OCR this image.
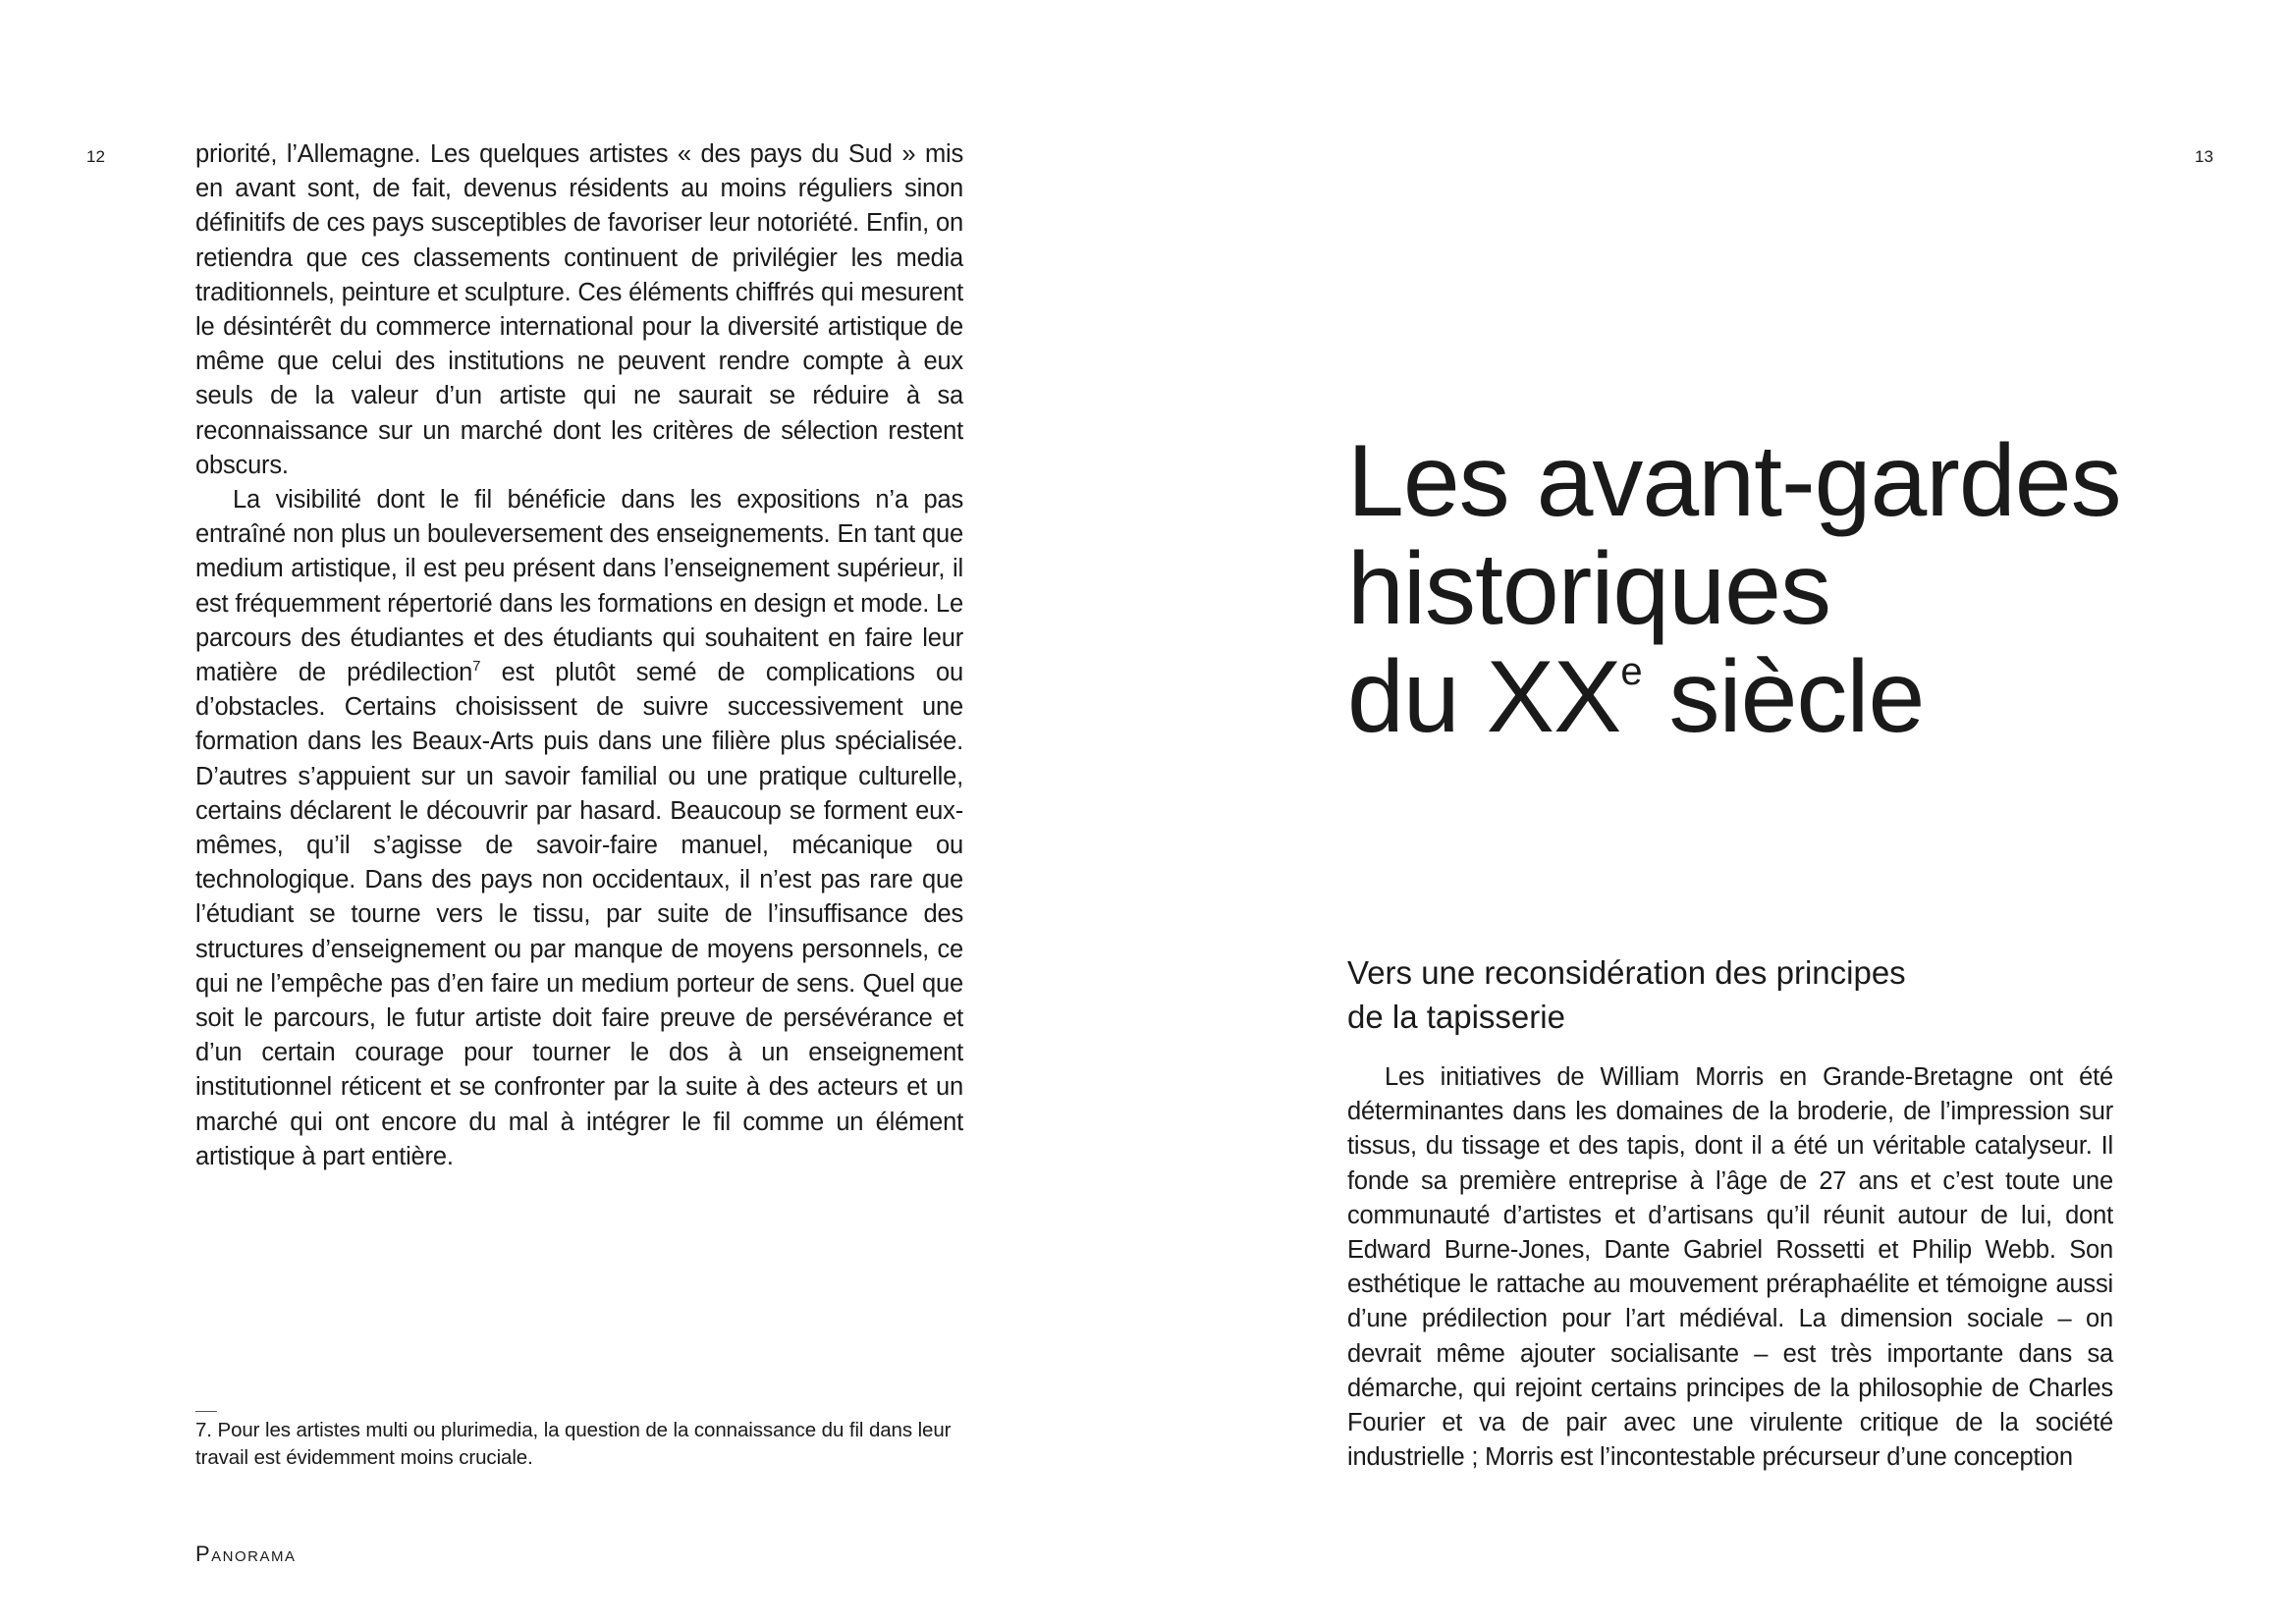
12	13

priorité, l’Allemagne. Les quelques artistes « des pays du Sud » mis en avant sont, de fait, devenus résidents au moins réguliers sinon définitifs de ces pays susceptibles de favoriser leur notoriété. Enfin, on retiendra que ces classements continuent de privilégier les media traditionnels, peinture et sculpture. Ces éléments chiffrés qui mesurent le désintérêt du commerce international pour la diversité artistique de même que celui des institutions ne peuvent rendre compte à eux seuls de la valeur d’un artiste qui ne saurait se réduire à sa reconnaissance sur un marché dont les critères de sélection restent obscurs.

La visibilité dont le fil bénéficie dans les expositions n’a pas entraîné non plus un bouleversement des enseignements. En tant que medium artistique, il est peu présent dans l’enseignement supérieur, il est fréquemment répertorié dans les formations en design et mode. Le parcours des étudiantes et des étudiants qui souhaitent en faire leur matière de prédilection$^7$ est plutôt semé de complications ou d’obstacles. Certains choisissent de suivre successivement une formation dans les Beaux-Arts puis dans une filière plus spécialisée. D’autres s’appuient sur un savoir familial ou une pratique culturelle, certains déclarent le découvrir par hasard. Beaucoup se forment eux-mêmes, qu’il s’agisse de savoir-faire manuel, mécanique ou technologique. Dans des pays non occidentaux, il n’est pas rare que l’étudiant se tourne vers le tissu, par suite de l’insuffisance des structures d’enseignement ou par manque de moyens personnels, ce qui ne l’empêche pas d’en faire un medium porteur de sens. Quel que soit le parcours, le futur artiste doit faire preuve de persévérance et d’un certain courage pour tourner le dos à un enseignement institutionnel réticent et se confronter par la suite à des acteurs et un marché qui ont encore du mal à intégrer le fil comme un élément artistique à part entière.

7. Pour les artistes multi ou plurimedia, la question de la connaissance du fil dans leur travail est évidemment moins cruciale.

Panorama
Les avant-gardes
historiques
du XXe siècle
Vers une reconsidération des principes
de la tapisserie

Les initiatives de William Morris en Grande-Bretagne ont été déterminantes dans les domaines de la broderie, de l’impression sur tissus, du tissage et des tapis, dont il a été un véritable catalyseur. Il fonde sa première entreprise à l’âge de 27 ans et c’est toute une communauté d’artistes et d’artisans qu’il réunit autour de lui, dont Edward Burne-Jones, Dante Gabriel Rossetti et Philip Webb. Son esthétique le rattache au mouvement préraphaélite et témoigne aussi d’une prédilection pour l’art médiéval. La dimension sociale – on devrait même ajouter socialisante – est très importante dans sa démarche, qui rejoint certains principes de la philosophie de Charles Fourier et va de pair avec une virulente critique de la société industrielle ; Morris est l’incontestable précurseur d’une conception
